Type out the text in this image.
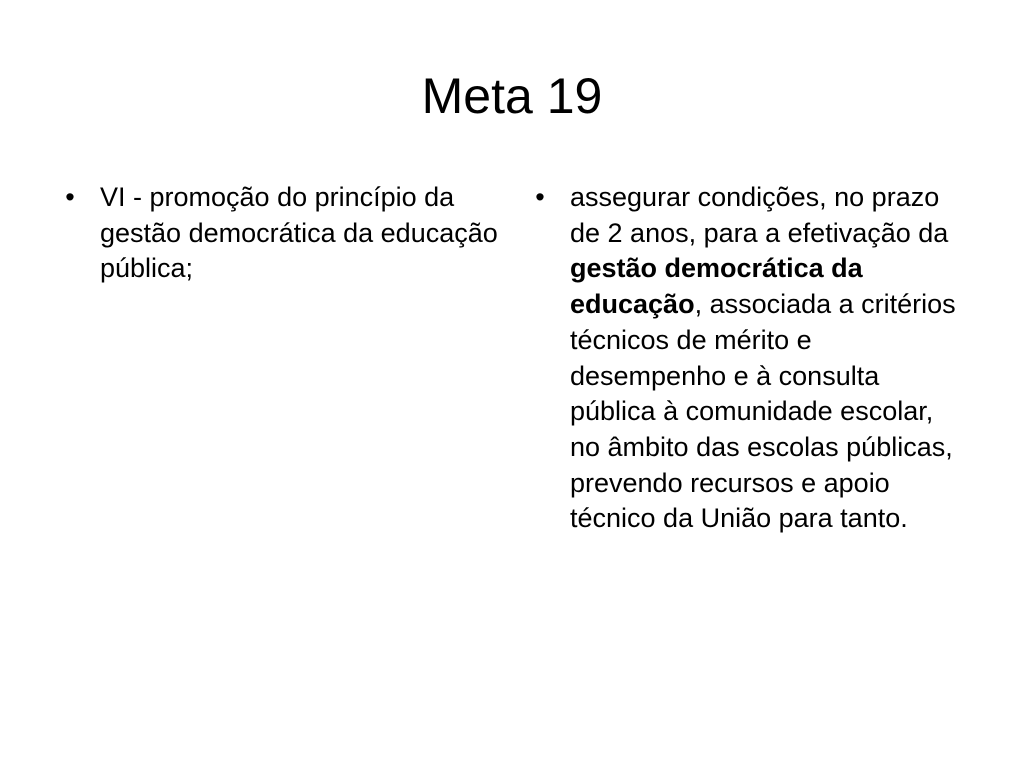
Meta 19

• VI - promoção do princípio da gestão democrática da educação pública;

• assegurar condições, no prazo de 2 anos, para a efetivação da gestão democrática da educação, associada a critérios técnicos de mérito e desempenho e à consulta pública à comunidade escolar, no âmbito das escolas públicas, prevendo recursos e apoio técnico da União para tanto.
